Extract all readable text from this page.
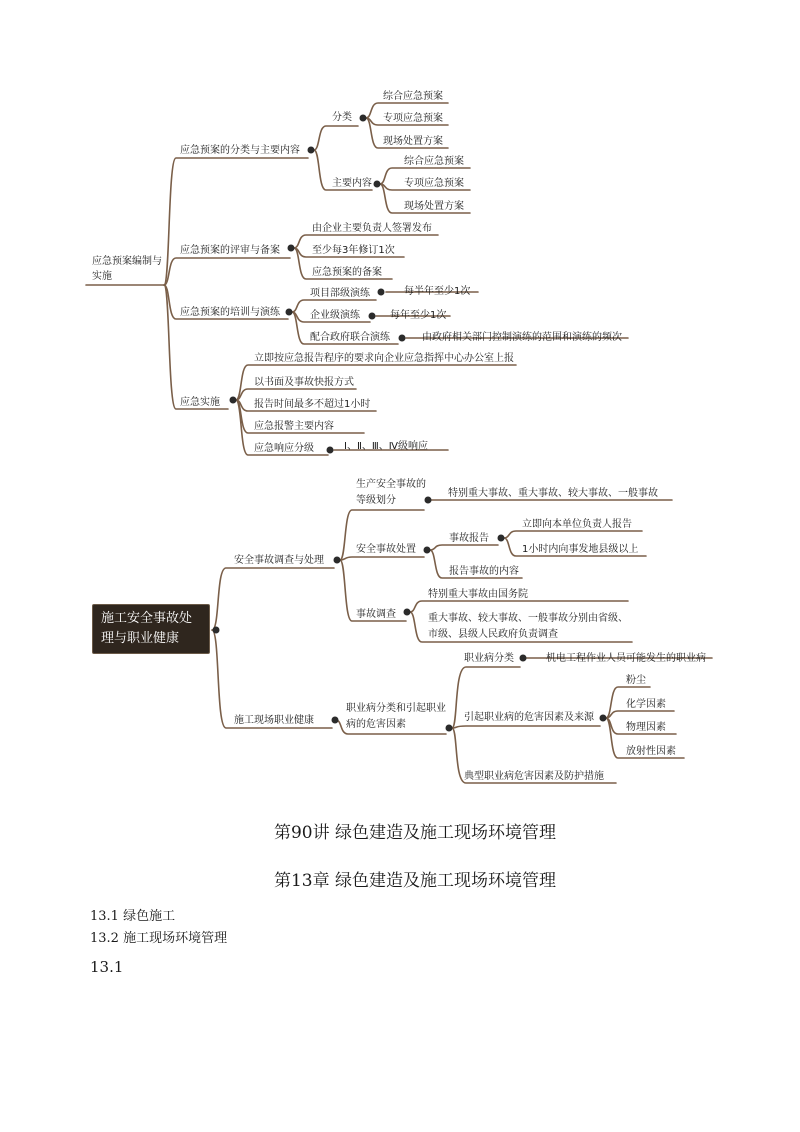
应急预案编制与实施
应急预案的分类与主要内容
分类
综合应急预案
专项应急预案
现场处置方案
主要内容
综合应急预案
专项应急预案
现场处置方案
应急预案的评审与备案
由企业主要负责人签署发布
至少每3年修订1次
应急预案的备案
应急预案的培训与演练
项目部级演练	每半年至少1次
企业级演练	每年至少1次
配合政府联合演练	由政府相关部门控制演练的范围和演练的频次
应急实施
立即按应急报告程序的要求向企业应急指挥中心办公室上报
以书面及事故快报方式
报告时间最多不超过1小时
应急报警主要内容
应急响应分级	Ⅰ、Ⅱ、Ⅲ、Ⅳ级响应
施工安全事故处理与职业健康
安全事故调查与处理
生产安全事故的等级划分
特别重大事故、重大事故、较大事故、一般事故
安全事故处置
事故报告
立即向本单位负责人报告
1小时内向事发地县级以上
报告事故的内容
事故调查
特别重大事故由国务院
重大事故、较大事故、一般事故分别由省级、市级、县级人民政府负责调查
施工现场职业健康
职业病分类和引起职业病的危害因素
职业病分类	机电工程作业人员可能发生的职业病
引起职业病的危害因素及来源
粉尘
化学因素
物理因素
放射性因素
典型职业病危害因素及防护措施
第90讲 绿色建造及施工现场环境管理
第13章 绿色建造及施工现场环境管理
13.1 绿色施工
13.2 施工现场环境管理
13.1
